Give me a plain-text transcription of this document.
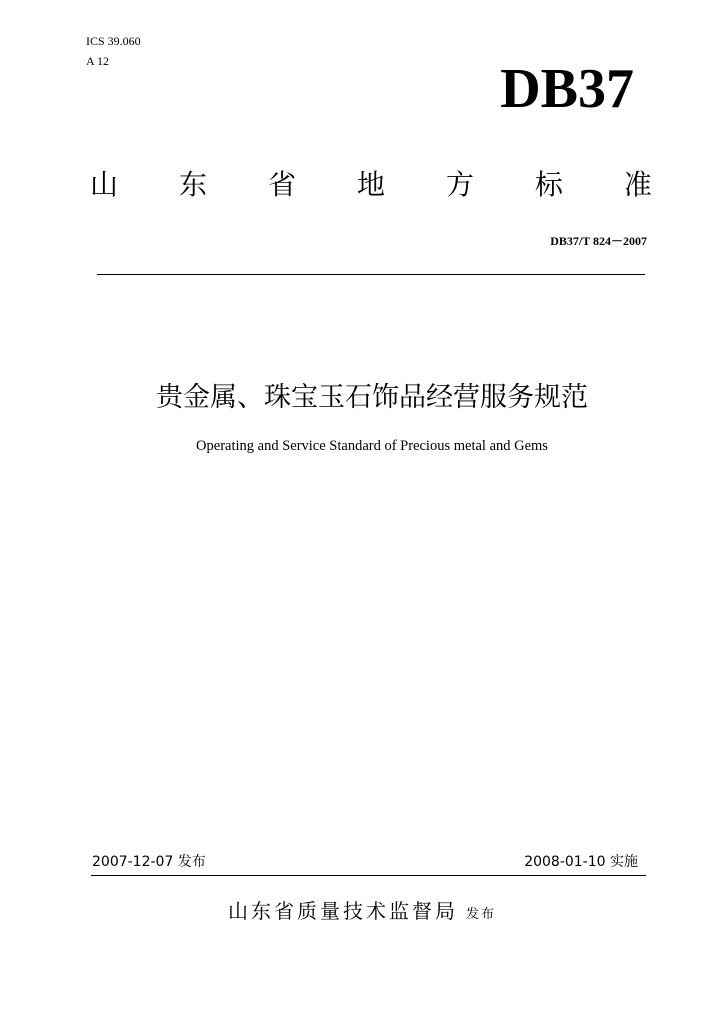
ICS 39.060
A 12	DB37
山 东 省 地 方 标 准
DB37/T 824－2007
贵金属、珠宝玉石饰品经营服务规范
Operating and Service Standard of Precious metal and Gems
2007-12-07 发布	2008-01-10 实施
山东省质量技术监督局 发布
